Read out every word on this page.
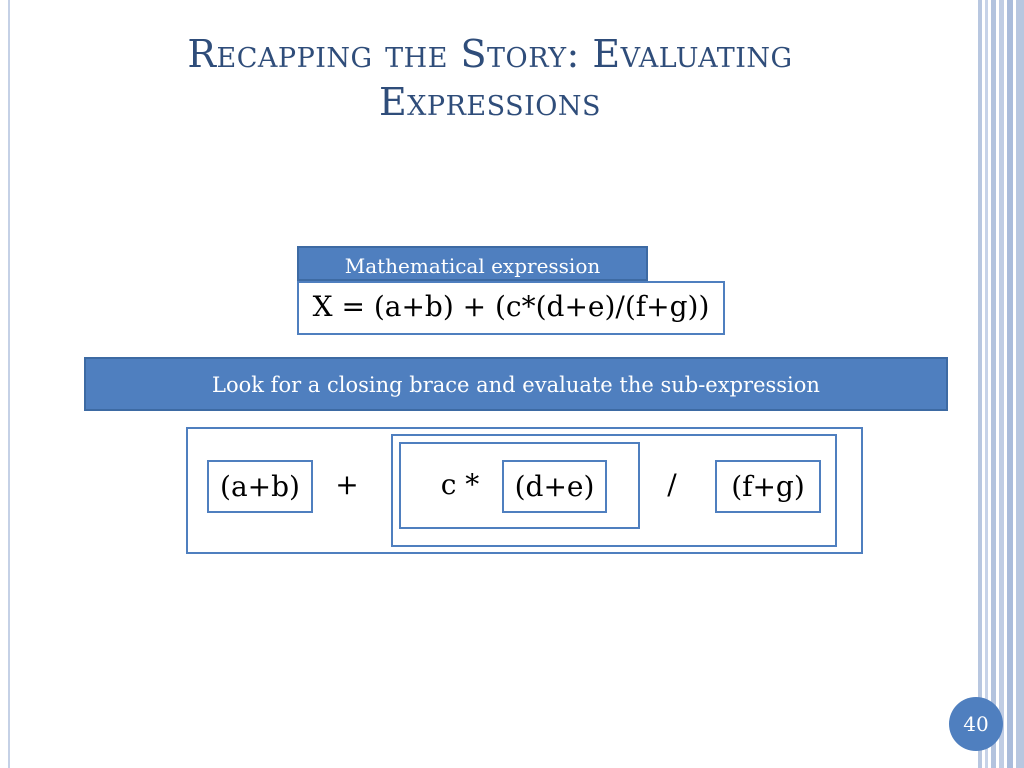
Recapping the Story: Evaluating
Expressions
Mathematical expression
X = (a+b) + (c*(d+e)/(f+g))
Look for a closing brace and evaluate the sub-expression
(a+b)	+	c *	(d+e)	/	(f+g)
40
